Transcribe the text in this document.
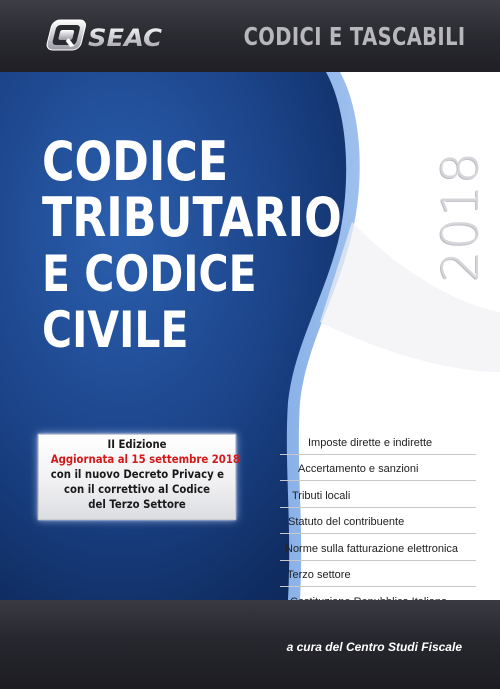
SEAC	CODICI E TASCABILI
CODICE
TRIBUTARIO
E CODICE
CIVILE
2018
Imposte dirette e indirette
Accertamento e sanzioni
Tributi locali
Statuto del contribuente
Norme sulla fatturazione elettronica
Terzo settore
II Edizione
Aggiornata al 15 settembre 2018
con il nuovo Decreto Privacy e
con il correttivo al Codice
del Terzo Settore
a cura del Centro Studi Fiscale
